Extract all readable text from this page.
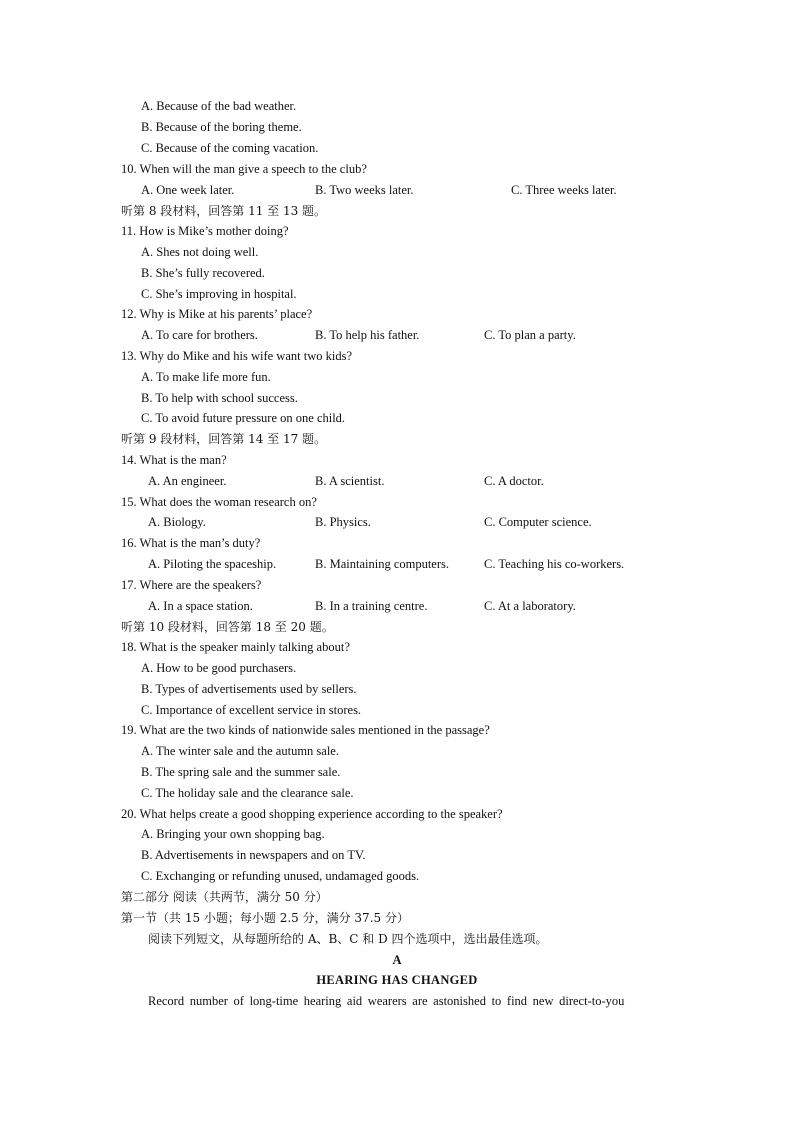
A. Because of the bad weather.
B. Because of the boring theme.
C. Because of the coming vacation.
10. When will the man give a speech to the club?
A. One week later.	B. Two weeks later.	C. Three weeks later.
听第 8 段材料，回答第 11 至 13 题。
11. How is Mike’s mother doing?
A. Shes not doing well.
B. She’s fully recovered.
C. She’s improving in hospital.
12. Why is Mike at his parents’ place?
A. To care for brothers.	B. To help his father.	C. To plan a party.
13. Why do Mike and his wife want two kids?
A. To make life more fun.
B. To help with school success.
C. To avoid future pressure on one child.
听第 9 段材料，回答第 14 至 17 题。
14. What is the man?
A. An engineer.	B. A scientist.	C. A doctor.
15. What does the woman research on?
A. Biology.	B. Physics.	C. Computer science.
16. What is the man’s duty?
A. Piloting the spaceship.	B. Maintaining computers.	C. Teaching his co-workers.
17. Where are the speakers?
A. In a space station.	B. In a training centre.	C. At a laboratory.
听第 10 段材料，回答第 18 至 20 题。
18. What is the speaker mainly talking about?
A. How to be good purchasers.
B. Types of advertisements used by sellers.
C. Importance of excellent service in stores.
19. What are the two kinds of nationwide sales mentioned in the passage?
A. The winter sale and the autumn sale.
B. The spring sale and the summer sale.
C. The holiday sale and the clearance sale.
20. What helps create a good shopping experience according to the speaker?
A. Bringing your own shopping bag.
B. Advertisements in newspapers and on TV.
C. Exchanging or refunding unused, undamaged goods.
第二部分 阅读（共两节，满分 50 分）
第一节（共 15 小题；每小题 2.5 分，满分 37.5 分）
阅读下列短文，从每题所给的 A、B、C 和 D 四个选项中，选出最佳选项。
A
HEARING HAS CHANGED
Record number of long-time hearing aid wearers are astonished to find new direct-to-you
